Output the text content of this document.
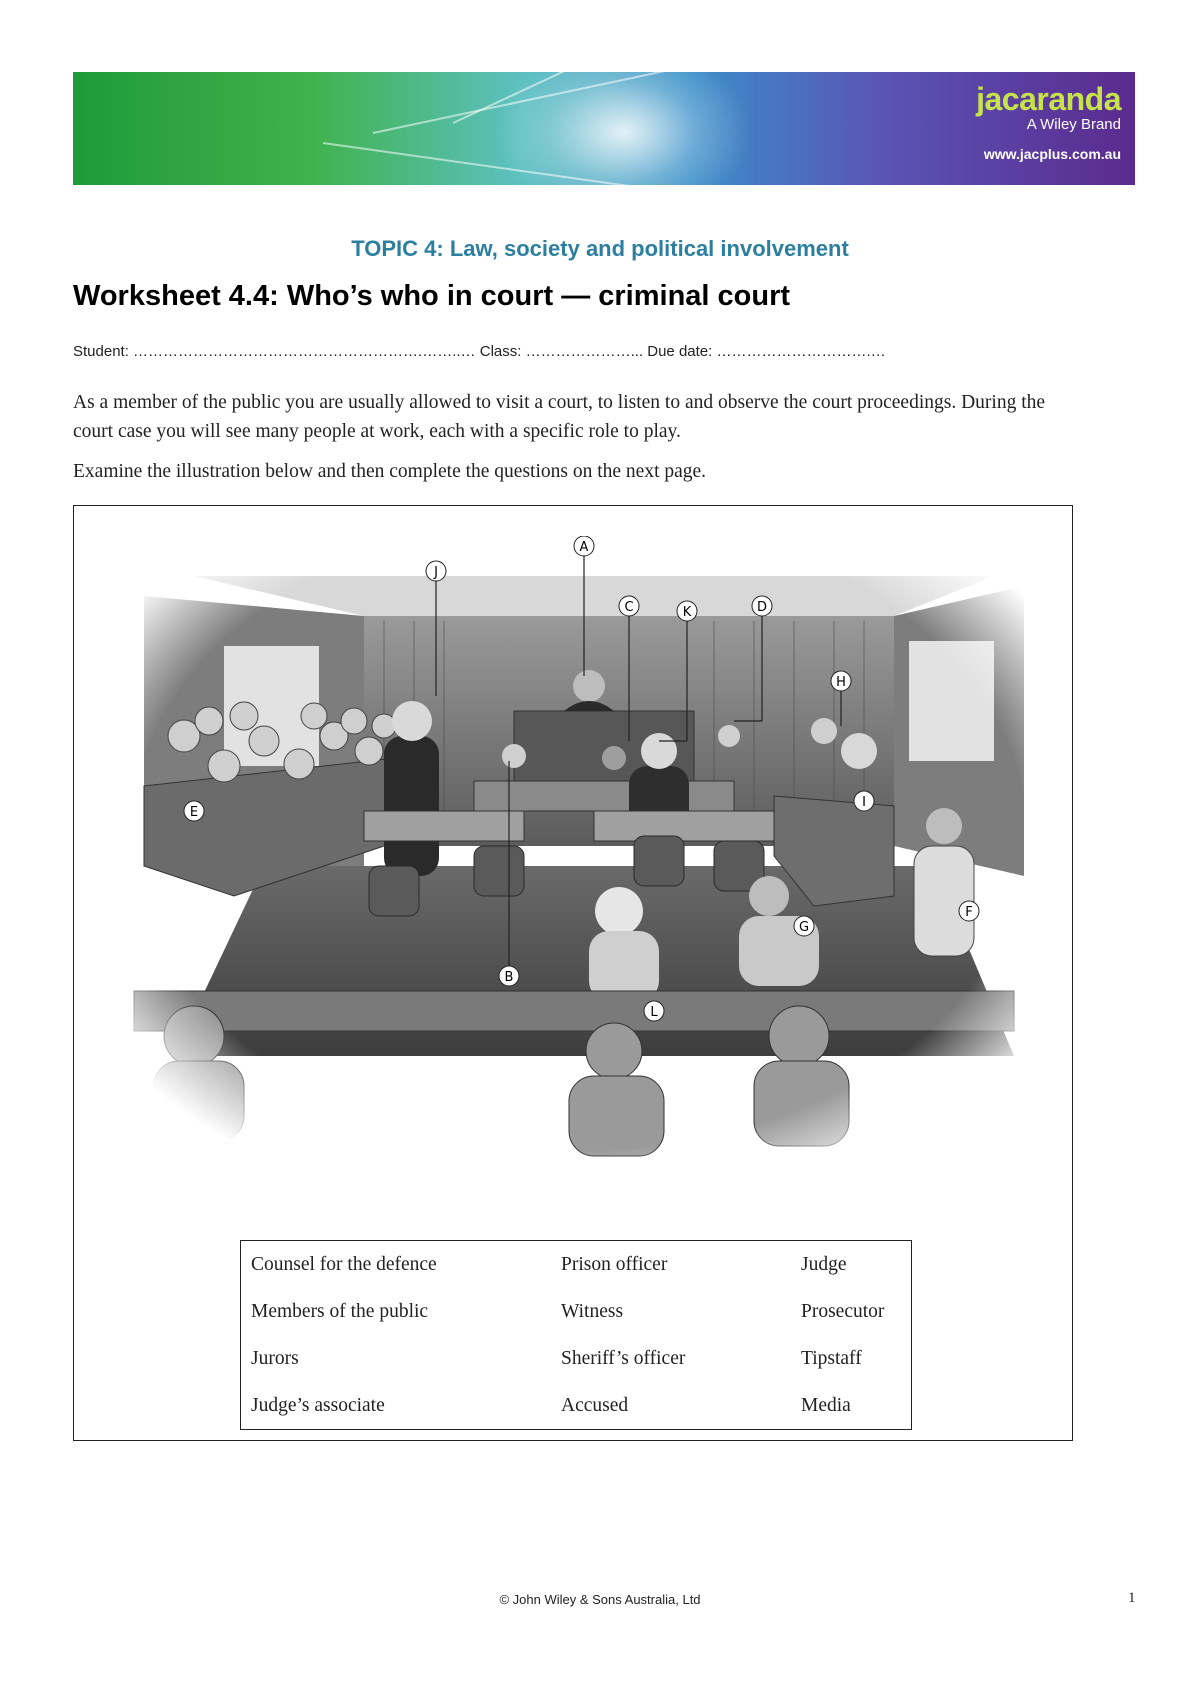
jacaranda
A Wiley Brand
www.jacplus.com.au
TOPIC 4: Law, society and political involvement
Worksheet 4.4: Who’s who in court — criminal court
Student: ………………………………………………….……..… Class: …………………... Due date: ………………………….…

As a member of the public you are usually allowed to visit a court, to listen to and observe the court proceedings. During the court case you will see many people at work, each with a specific role to play.

Examine the illustration below and then complete the questions on the next page.

A
B
C	D
E
F
G
H
I
J
K
L
Counsel for the defence	Prison officer	Judge
Members of the public	Witness	Prosecutor
Jurors	Sheriff’s officer	Tipstaff
Judge’s associate	Accused	Media
© John Wiley & Sons Australia, Ltd	1
